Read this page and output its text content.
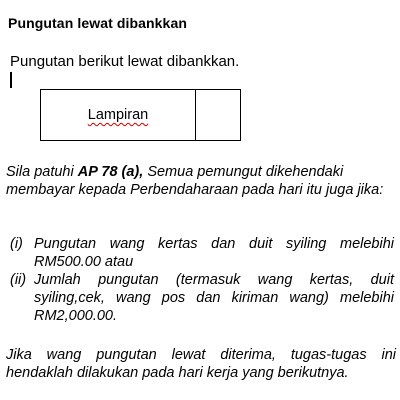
Pungutan lewat dibankkan
Pungutan berikut lewat dibankkan.
Lampiran
Sila patuhi AP 78 (a), Semua pemungut dikehendaki membayar kepada Perbendaharaan pada hari itu juga jika:
(i) Pungutan wang kertas dan duit syiling melebihi RM500.00 atau
(ii) Jumlah pungutan (termasuk wang kertas, duit syiling,cek, wang pos dan kiriman wang) melebihi RM2,000.00.
Jika wang pungutan lewat diterima, tugas-tugas ini hendaklah dilakukan pada hari kerja yang berikutnya.
